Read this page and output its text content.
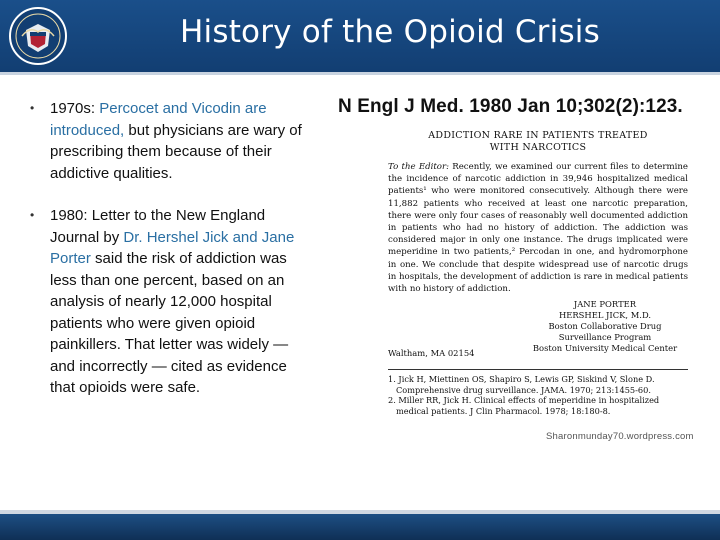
History of the Opioid Crisis
• 1970s: Percocet and Vicodin are introduced, but physicians are wary of prescribing them because of their addictive qualities.
• 1980: Letter to the New England Journal by Dr. Hershel Jick and Jane Porter said the risk of addiction was less than one percent, based on an analysis of nearly 12,000 hospital patients who were given opioid painkillers. That letter was widely — and incorrectly — cited as evidence that opioids were safe.
N Engl J Med. 1980 Jan 10;302(2):123.
ADDICTION RARE IN PATIENTS TREATED
WITH NARCOTICS
To the Editor: Recently, we examined our current files to determine the incidence of narcotic addiction in 39,946 hospitalized medical patients¹ who were monitored consecutively. Although there were 11,882 patients who received at least one narcotic preparation, there were only four cases of reasonably well documented addiction in patients who had no history of addiction. The addiction was considered major in only one instance. The drugs implicated were meperidine in two patients,² Percodan in one, and hydromorphone in one. We conclude that despite widespread use of narcotic drugs in hospitals, the development of addiction is rare in medical patients with no history of addiction.
JANE PORTER
HERSHEL JICK, M.D.
Boston Collaborative Drug
Surveillance Program
Boston University Medical Center
Waltham, MA 02154
1. Jick H, Miettinen OS, Shapiro S, Lewis GP, Siskind V, Slone D. Comprehensive drug surveillance. JAMA. 1970; 213:1455-60.
2. Miller RR, Jick H. Clinical effects of meperidine in hospitalized medical patients. J Clin Pharmacol. 1978; 18:180-8.
Sharonmunday70.wordpress.com
